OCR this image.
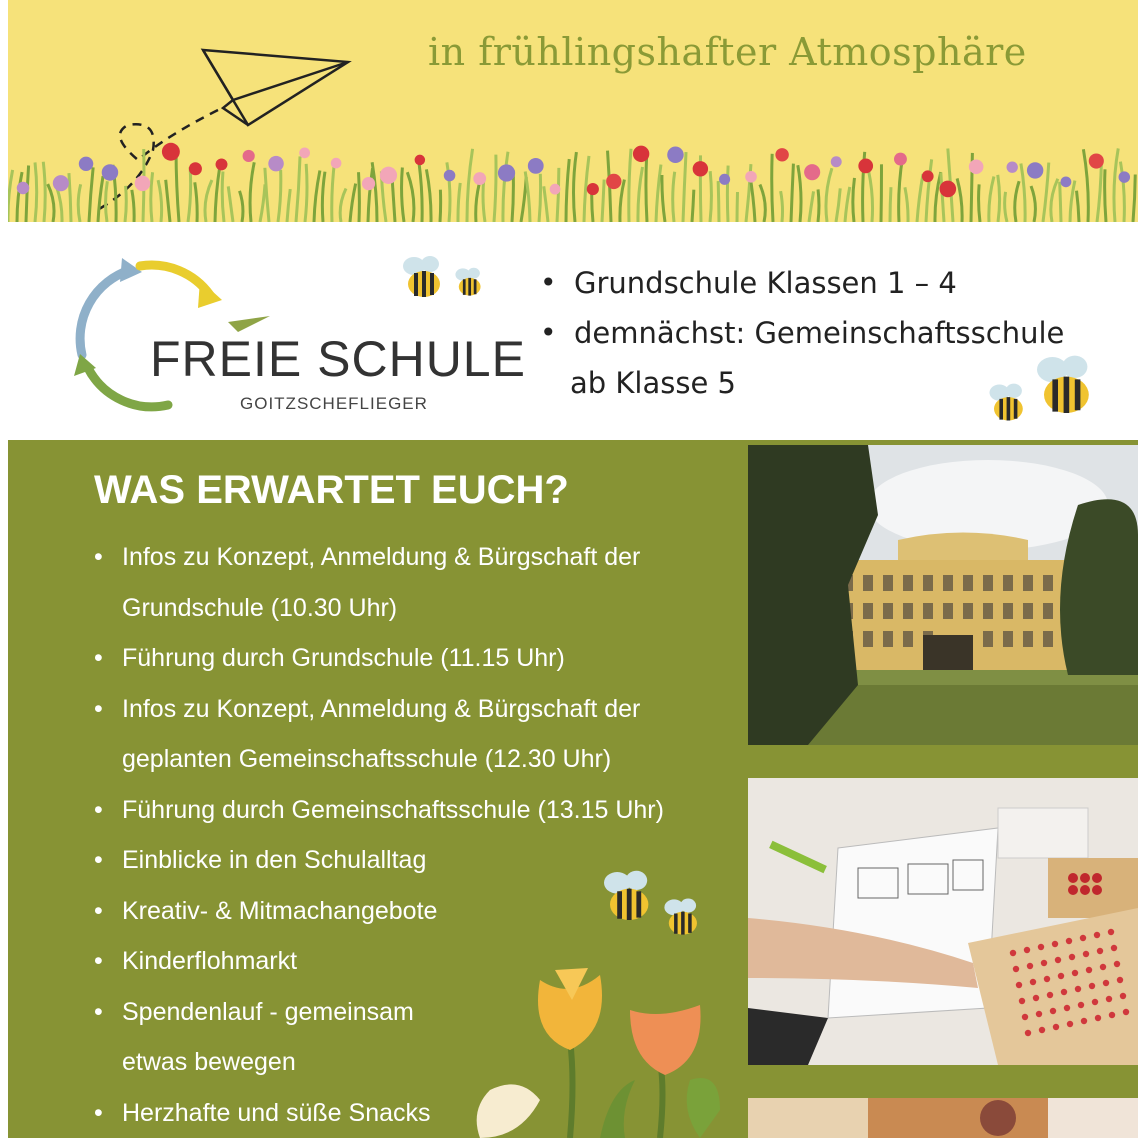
in frühlingshafter Atmosphäre
FREIE SCHULE
GOITZSCHEFLIEGER
• Grundschule Klassen 1 – 4
• demnächst: Gemeinschaftsschule
ab Klasse 5
WAS ERWARTET EUCH?
• Infos zu Konzept, Anmeldung & Bürgschaft der
Grundschule (10.30 Uhr)
• Führung durch Grundschule (11.15 Uhr)
• Infos zu Konzept, Anmeldung & Bürgschaft der
geplanten Gemeinschaftsschule (12.30 Uhr)
• Führung durch Gemeinschaftsschule (13.15 Uhr)
• Einblicke in den Schulalltag
• Kreativ- & Mitmachangebote
• Kinderflohmarkt
• Spendenlauf - gemeinsam
etwas bewegen
• Herzhafte und süße Snacks
